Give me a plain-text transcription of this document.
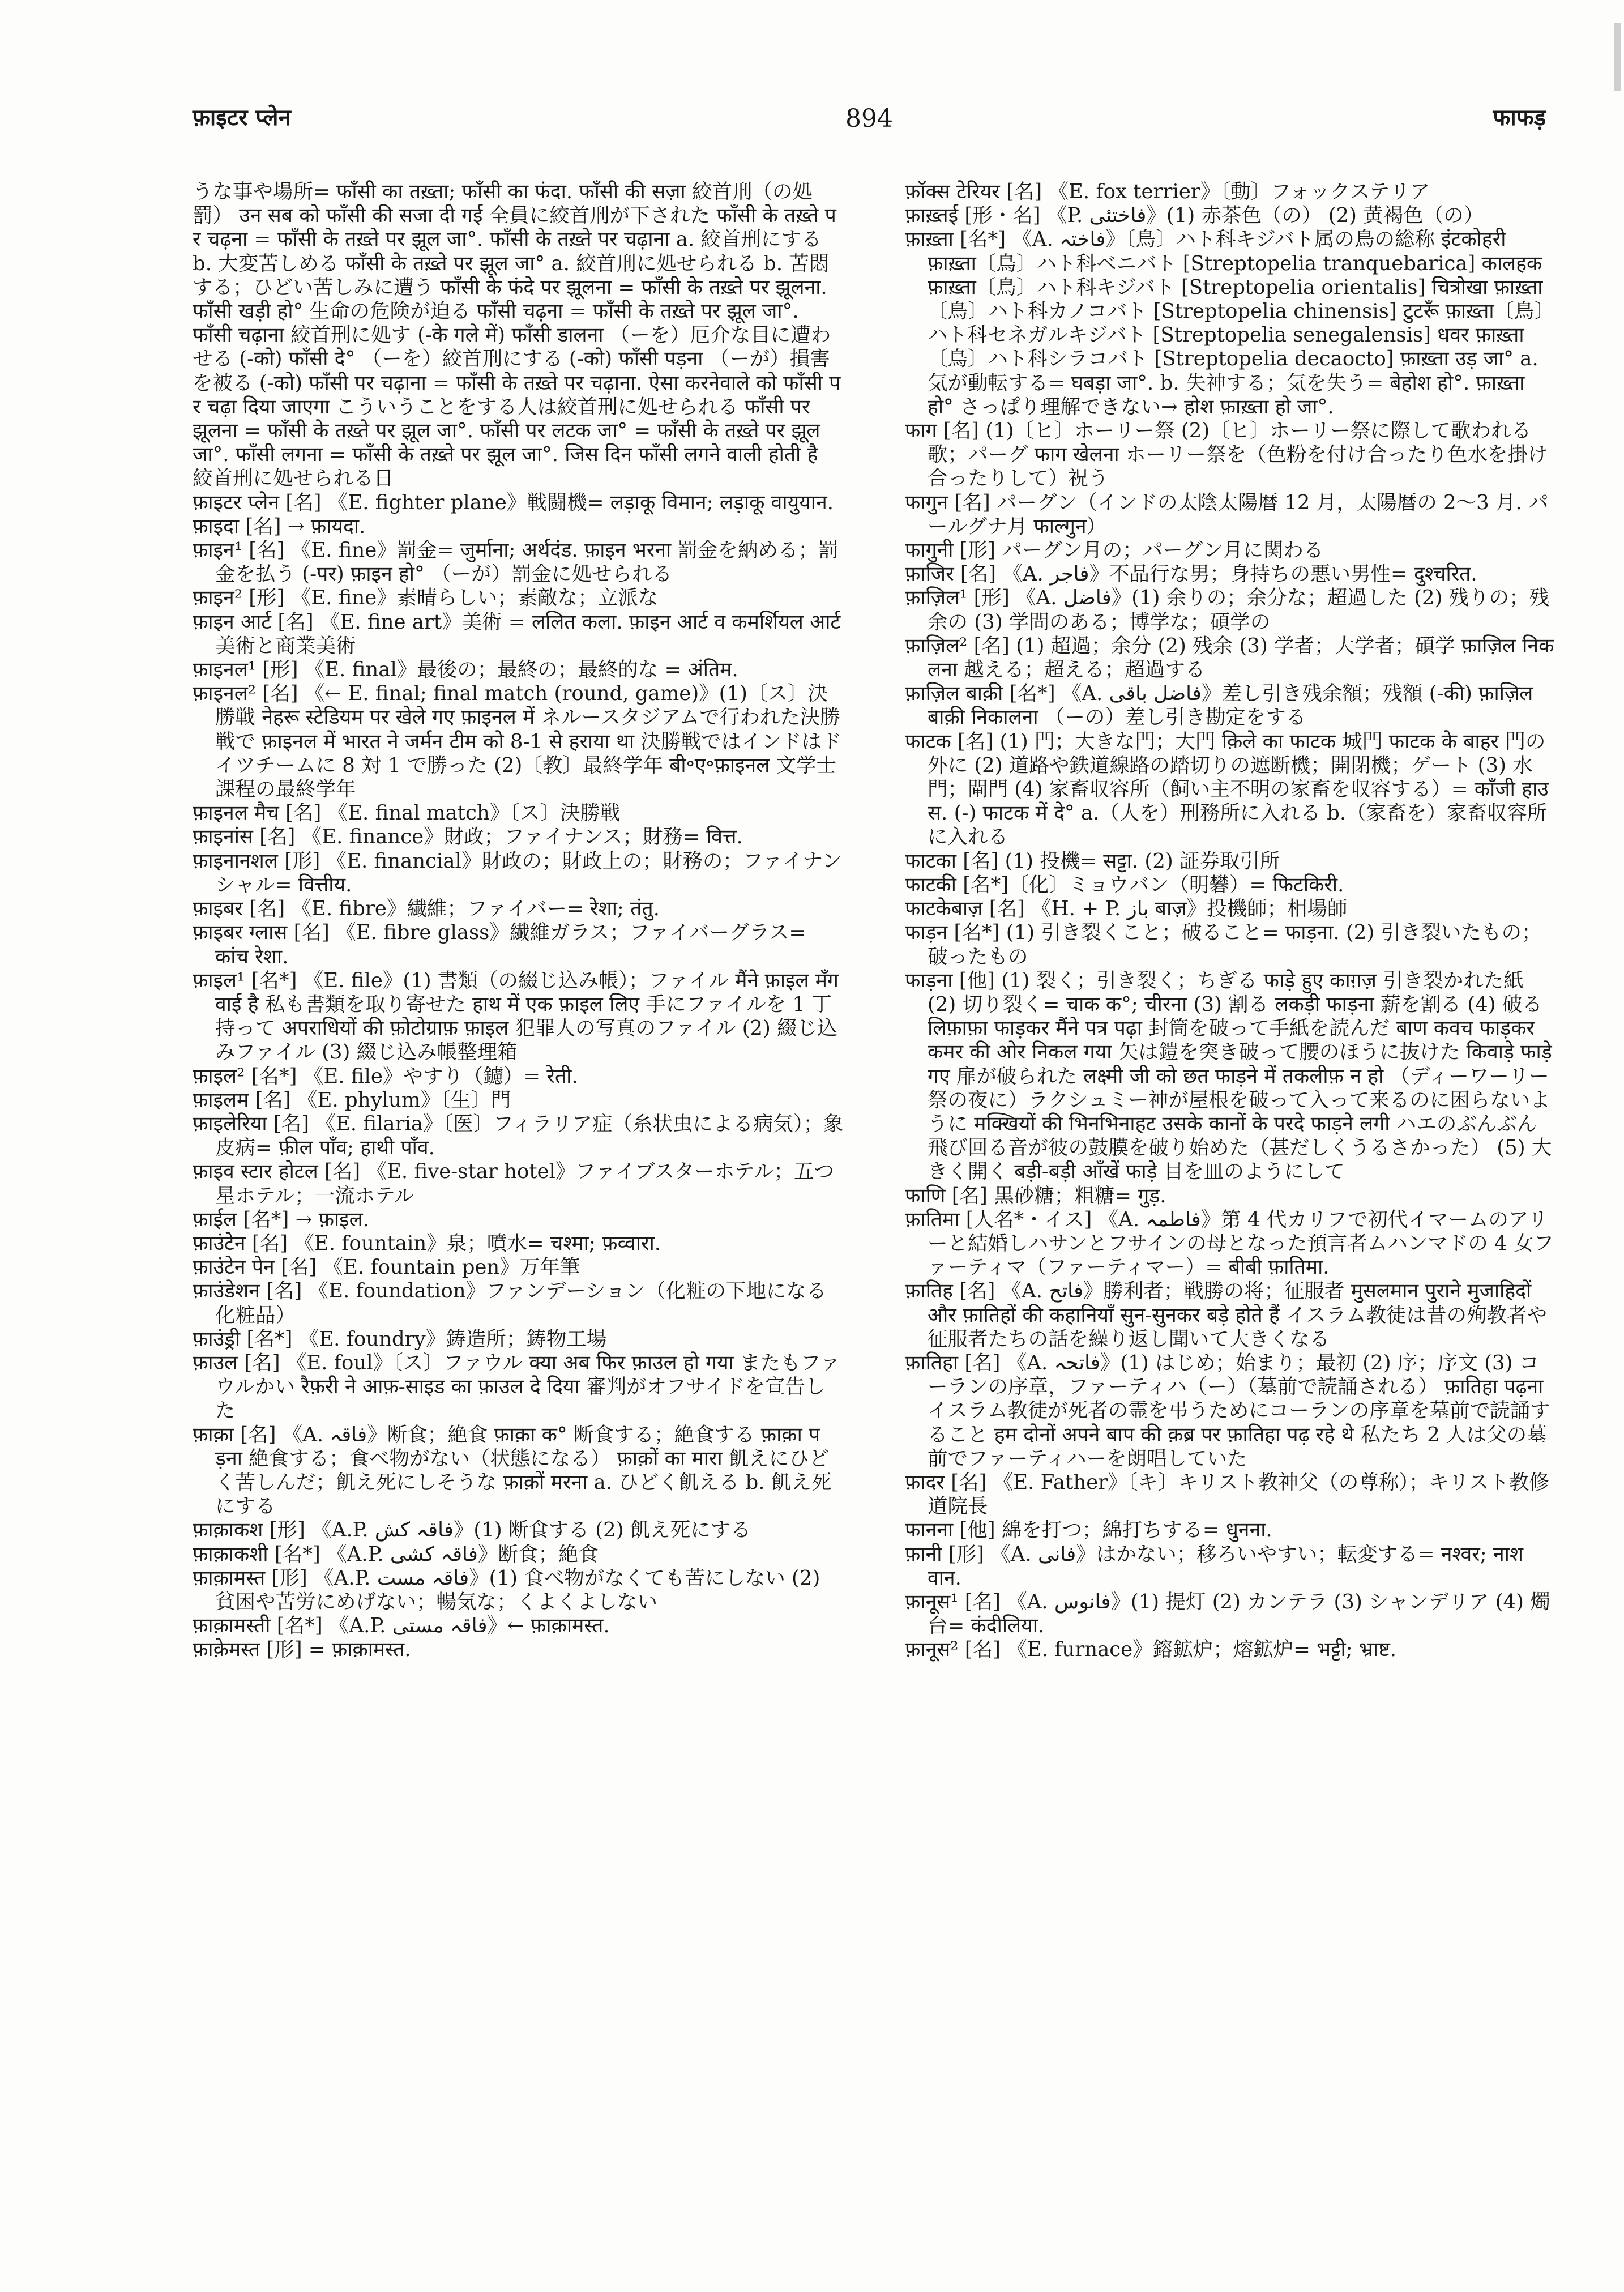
फ़ाइटर प्लेन	894	फाफड़

うな事や場所= फाँसी का तख़्ता; फाँसी का फंदा. फाँसी की सज़ा 絞首刑（の処罰） उन सब को फाँसी की सजा दी गई 全員に絞首刑が下された फाँसी के तख़्ते पर चढ़ना = फाँसी के तख़्ते पर झूल जा°. फाँसी के तख़्ते पर चढ़ाना a. 絞首刑にする b. 大変苦しめる फाँसी के तख़्ते पर झूल जा° a. 絞首刑に処せられる b. 苦悶する；ひどい苦しみに遭う फाँसी के फंदे पर झूलना = फाँसी के तख़्ते पर झूलना. फाँसी खड़ी हो° 生命の危険が迫る फाँसी चढ़ना = फाँसी के तख़्ते पर झूल जा°. फाँसी चढ़ाना 絞首刑に処す (-के गले में) फाँसी डालना （ーを）厄介な目に遭わせる (-को) फाँसी दे° （ーを）絞首刑にする (-को) फाँसी पड़ना （ーが）損害を被る (-को) फाँसी पर चढ़ाना = फाँसी के तख़्ते पर चढ़ाना. ऐसा करनेवाले को फाँसी पर चढ़ा दिया जाएगा こういうことをする人は絞首刑に処せられる फाँसी पर झूलना = फाँसी के तख़्ते पर झूल जा°. फाँसी पर लटक जा° = फाँसी के तख़्ते पर झूल जा°. फाँसी लगना = फाँसी के तख़्ते पर झूल जा°. जिस दिन फाँसी लगने वाली होती है 絞首刑に処せられる日

फ़ाइटर प्लेन [名] 《E. fighter plane》戦闘機= लड़ाकू विमान; लड़ाकू वायुयान.

फ़ाइदा [名] → फ़ायदा.

फ़ाइन¹ [名] 《E. fine》罰金= जुर्माना; अर्थदंड. फ़ाइन भरना 罰金を納める；罰金を払う (-पर) फ़ाइन हो° （ーが）罰金に処せられる

फ़ाइन² [形] 《E. fine》素晴らしい；素敵な；立派な

फ़ाइन आर्ट [名] 《E. fine art》美術 = ललित कला. फ़ाइन आर्ट व कमर्शियल आर्ट 美術と商業美術

फ़ाइनल¹ [形] 《E. final》最後の；最終の；最終的な = अंतिम.

फ़ाइनल² [名] 《← E. final; final match (round, game)》(1)〔ス〕決勝戦 नेहरू स्टेडियम पर खेले गए फ़ाइनल में ネルースタジアムで行われた決勝戦で फ़ाइनल में भारत ने जर्मन टीम को 8-1 से हराया था 決勝戦ではインドはドイツチームに 8 対 1 で勝った (2)〔教〕最終学年 बी॰ए॰फ़ाइनल 文学士課程の最終学年

फ़ाइनल मैच [名] 《E. final match》〔ス〕決勝戦

फ़ाइनांस [名] 《E. finance》財政；ファイナンス；財務= वित्त.

फ़ाइनानशल [形] 《E. financial》財政の；財政上の；財務の；ファイナンシャル= वित्तीय.

फ़ाइबर [名] 《E. fibre》繊維；ファイバー= रेशा; तंतु.

फ़ाइबर ग्लास [名] 《E. fibre glass》繊維ガラス；ファイバーグラス= कांच रेशा.

फ़ाइल¹ [名*] 《E. file》(1) 書類（の綴じ込み帳）；ファイル मैंने फ़ाइल मँगवाई है 私も書類を取り寄せた हाथ में एक फ़ाइल लिए 手にファイルを 1 丁持って अपराधियों की फ़ोटोग्राफ़ फ़ाइल 犯罪人の写真のファイル (2) 綴じ込みファイル (3) 綴じ込み帳整理箱

फ़ाइल² [名*] 《E. file》やすり（鑢）= रेती.

फ़ाइलम [名] 《E. phylum》〔生〕門

फ़ाइलेरिया [名] 《E. filaria》〔医〕フィラリア症（糸状虫による病気）；象皮病= फ़ील पाँव; हाथी पाँव.

फ़ाइव स्टार होटल [名] 《E. five-star hotel》ファイブスターホテル；五つ星ホテル；一流ホテル

फ़ाईल [名*] → फ़ाइल.

फ़ाउंटेन [名] 《E. fountain》泉；噴水= चश्मा; फ़व्वारा.

फ़ाउंटेन पेन [名] 《E. fountain pen》万年筆

फ़ाउंडेशन [名] 《E. foundation》ファンデーション（化粧の下地になる化粧品）

फ़ाउंड्री [名*] 《E. foundry》鋳造所；鋳物工場

फ़ाउल [名] 《E. foul》〔ス〕ファウル क्या अब फिर फ़ाउल हो गया またもファウルかい रैफ़री ने आफ़-साइड का फ़ाउल दे दिया 審判がオフサイドを宣告した

फ़ाक़ा [名] 《A. فاقہ》断食；絶食 फ़ाक़ा क° 断食する；絶食する फ़ाक़ा पड़ना 絶食する；食べ物がない（状態になる） फ़ाक़ों का मारा 飢えにひどく苦しんだ；飢え死にしそうな फ़ाक़ों मरना a. ひどく飢える b. 飢え死にする

फ़ाक़ाकश [形] 《A.P. فاقہ کش》(1) 断食する (2) 飢え死にする

फ़ाक़ाकशी [名*] 《A.P. فاقہ کشی》断食；絶食

फ़ाक़ामस्त [形] 《A.P. فاقہ مست》(1) 食べ物がなくても苦にしない (2) 貧困や苦労にめげない；暢気な；くよくよしない

फ़ाक़ामस्ती [名*] 《A.P. فاقہ مستی》← फ़ाक़ामस्त.

फ़ाक़ेमस्त [形] = फ़ाक़ामस्त.

फ़ॉक्स टेरियर [名] 《E. fox terrier》〔動〕フォックステリア

फ़ाख़्तई [形・名] 《P. فاختئی》(1) 赤茶色（の） (2) 黄褐色（の）

फ़ाख़्ता [名*] 《A. فاختہ》〔鳥〕ハト科キジバト属の鳥の総称 इंटकोहरी फ़ाख़्ता〔鳥〕ハト科ベニバト [Streptopelia tranquebarica] कालहक फ़ाख़्ता〔鳥〕ハト科キジバト [Streptopelia orientalis] चित्रोखा फ़ाख़्ता〔鳥〕ハト科カノコバト [Streptopelia chinensis] टुटरूँ फ़ाख़्ता〔鳥〕ハト科セネガルキジバト [Streptopelia senegalensis] धवर फ़ाख़्ता〔鳥〕ハト科シラコバト [Streptopelia decaocto] फ़ाख़्ता उड़ जा° a. 気が動転する= घबड़ा जा°. b. 失神する；気を失う= बेहोश हो°. फ़ाख़्ता हो° さっぱり理解できない→ होश फ़ाख़्ता हो जा°.

फाग [名] (1)〔ヒ〕ホーリー祭 (2)〔ヒ〕ホーリー祭に際して歌われる歌；パーグ फाग खेलना ホーリー祭を（色粉を付け合ったり色水を掛け合ったりして）祝う

फागुन [名] パーグン（インドの太陰太陽暦 12 月，太陽暦の 2～3 月. パールグナ月 फाल्गुन）

फागुनी [形] パーグン月の；パーグン月に関わる

फ़ाजिर [名] 《A. فاجر》不品行な男；身持ちの悪い男性= दुश्चरित.

फ़ाज़िल¹ [形] 《A. فاضل》(1) 余りの；余分な；超過した (2) 残りの；残余の (3) 学問のある；博学な；碩学の

फ़ाज़िल² [名] (1) 超過；余分 (2) 残余 (3) 学者；大学者；碩学 फ़ाज़िल निकलना 越える；超える；超過する

फ़ाज़िल बाक़ी [名*] 《A. فاضل باقی》差し引き残余額；残額 (-की) फ़ाज़िल बाक़ी निकालना （ーの）差し引き勘定をする

फाटक [名] (1) 門；大きな門；大門 क़िले का फाटक 城門 फाटक के बाहर 門の外に (2) 道路や鉄道線路の踏切りの遮断機；開閉機；ゲート (3) 水門；閘門 (4) 家畜収容所（飼い主不明の家畜を収容する）= काँजी हाउस. (-) फाटक में दे° a.（人を）刑務所に入れる b.（家畜を）家畜収容所に入れる

फाटका [名] (1) 投機= सट्टा. (2) 証券取引所

फाटकी [名*]〔化〕ミョウバン（明礬）= फिटकिरी.

फाटकेबाज़ [名] 《H. + P. باز बाज़》投機師；相場師

फाड़न [名*] (1) 引き裂くこと；破ること= फाड़ना. (2) 引き裂いたもの；破ったもの

फाड़ना [他] (1) 裂く；引き裂く；ちぎる फाड़े हुए काग़ज़ 引き裂かれた紙 (2) 切り裂く= चाक क°; चीरना (3) 割る लकड़ी फाड़ना 薪を割る (4) 破る लिफ़ाफ़ा फाड़कर मैंने पत्र पढ़ा 封筒を破って手紙を読んだ बाण कवच फाड़कर कमर की ओर निकल गया 矢は鎧を突き破って腰のほうに抜けた किवाड़े फाड़े गए 扉が破られた लक्ष्मी जी को छत फाड़ने में तकलीफ़ न हो （ディーワーリー祭の夜に）ラクシュミー神が屋根を破って入って来るのに困らないように मक्खियों की भिनभिनाहट उसके कानों के परदे फाड़ने लगी ハエのぶんぶん飛び回る音が彼の鼓膜を破り始めた（甚だしくうるさかった） (5) 大きく開く बड़ी-बड़ी आँखें फाड़े 目を皿のようにして

फाणि [名] 黒砂糖；粗糖= गुड़.

फ़ातिमा [人名*・イス] 《A. فاطمہ》第 4 代カリフで初代イマームのアリーと結婚しハサンとフサインの母となった預言者ムハンマドの 4 女ファーティマ（ファーティマー）= बीबी फ़ातिमा.

फ़ातिह [名] 《A. فاتح》勝利者；戦勝の将；征服者 मुसलमान पुराने मुजाहिदों और फ़ातिहों की कहानियाँ सुन-सुनकर बड़े होते हैं イスラム教徒は昔の殉教者や征服者たちの話を繰り返し聞いて大きくなる

फ़ातिहा [名] 《A. فاتحہ》(1) はじめ；始まり；最初 (2) 序；序文 (3) コーランの序章，ファーティハ（ー）（墓前で読誦される） फ़ातिहा पढ़ना イスラム教徒が死者の霊を弔うためにコーランの序章を墓前で読誦すること हम दोनों अपने बाप की क़ब्र पर फ़ातिहा पढ़ रहे थे 私たち 2 人は父の墓前でファーティハーを朗唱していた

फ़ादर [名] 《E. Father》〔キ〕キリスト教神父（の尊称）；キリスト教修道院長

फानना [他] 綿を打つ；綿打ちする= धुनना.

फ़ानी [形] 《A. فانی》はかない；移ろいやすい；転変する= नश्वर; नाशवान.

फ़ानूस¹ [名] 《A. فانوس》(1) 提灯 (2) カンテラ (3) シャンデリア (4) 燭台= कंदीलिया.

फ़ानूस² [名] 《E. furnace》鎔鉱炉；熔鉱炉= भट्टी; भ्राष्ट.
